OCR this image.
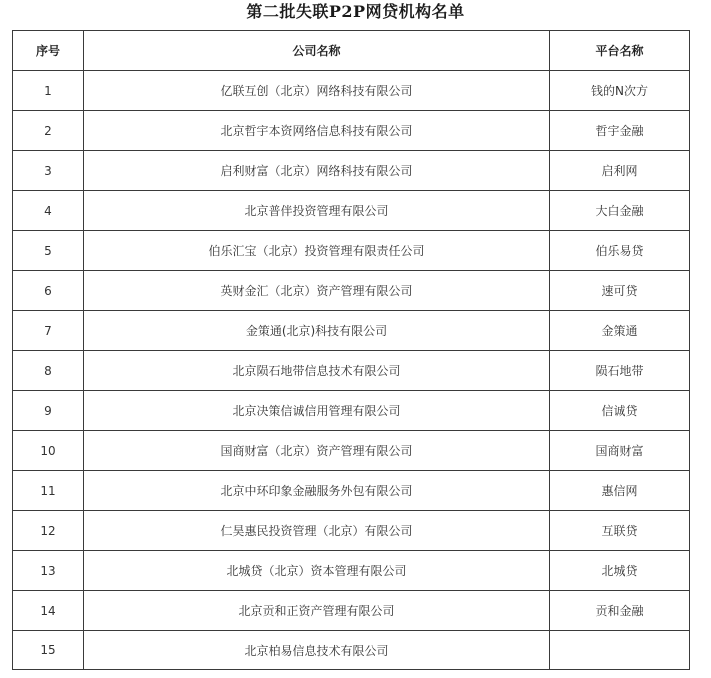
第二批失联P2P网贷机构名单
序号	公司名称	平台名称
1	亿联互创（北京）网络科技有限公司	钱的N次方
2	北京哲宇本资网络信息科技有限公司	哲宇金融
3	启利财富（北京）网络科技有限公司	启利网
4	北京普伴投资管理有限公司	大白金融
5	伯乐汇宝（北京）投资管理有限责任公司	伯乐易贷
6	英财金汇（北京）资产管理有限公司	速可贷
7	金策通(北京)科技有限公司	金策通
8	北京陨石地带信息技术有限公司	陨石地带
9	北京决策信诚信用管理有限公司	信诚贷
10	国商财富（北京）资产管理有限公司	国商财富
11	北京中环印象金融服务外包有限公司	惠信网
12	仁昊惠民投资管理（北京）有限公司	互联贷
13	北城贷（北京）资本管理有限公司	北城贷
14	北京贡和正资产管理有限公司	贡和金融
15	北京柏易信息技术有限公司	
